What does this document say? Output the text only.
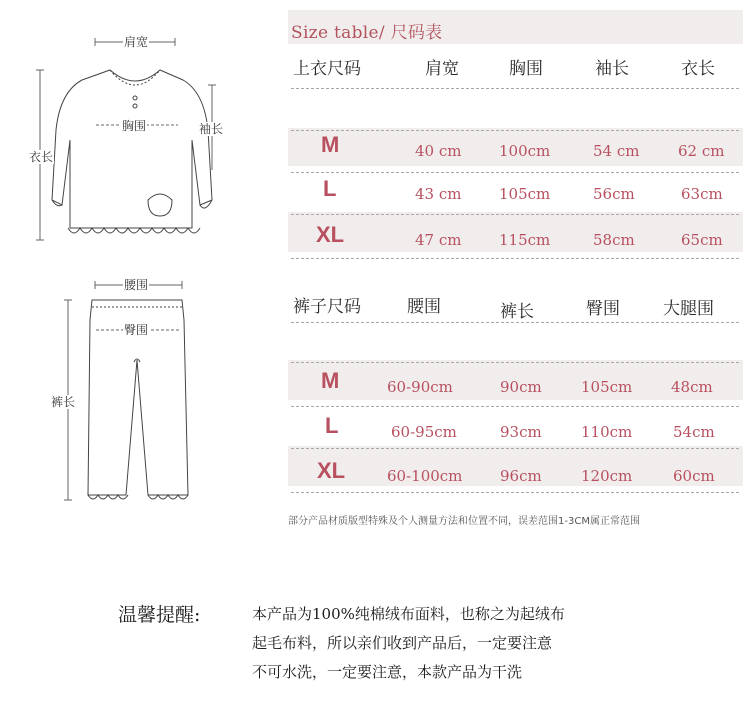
肩宽
胸围	袖长
衣长
腰围
臀围
裤长
Size table/ 尺码表
上衣尺码	肩宽	胸围	袖长	衣长
M	40 cm	100cm	54 cm	62 cm
L	43 cm	105cm	56cm	63cm
XL	47 cm	115cm	58cm	65cm
裤子尺码	腰围	裤长	臀围	大腿围
M	60-90cm	90cm	105cm	48cm
L	60-95cm	93cm	110cm	54cm
XL	60-100cm	96cm	120cm	60cm
部分产品材质版型特殊及个人测量方法和位置不同，误差范围1-3CM属正常范围
温馨提醒:	本产品为100%纯棉绒布面料，也称之为起绒布
起毛布料，所以亲们收到产品后，一定要注意
不可水洗，一定要注意，本款产品为干洗
